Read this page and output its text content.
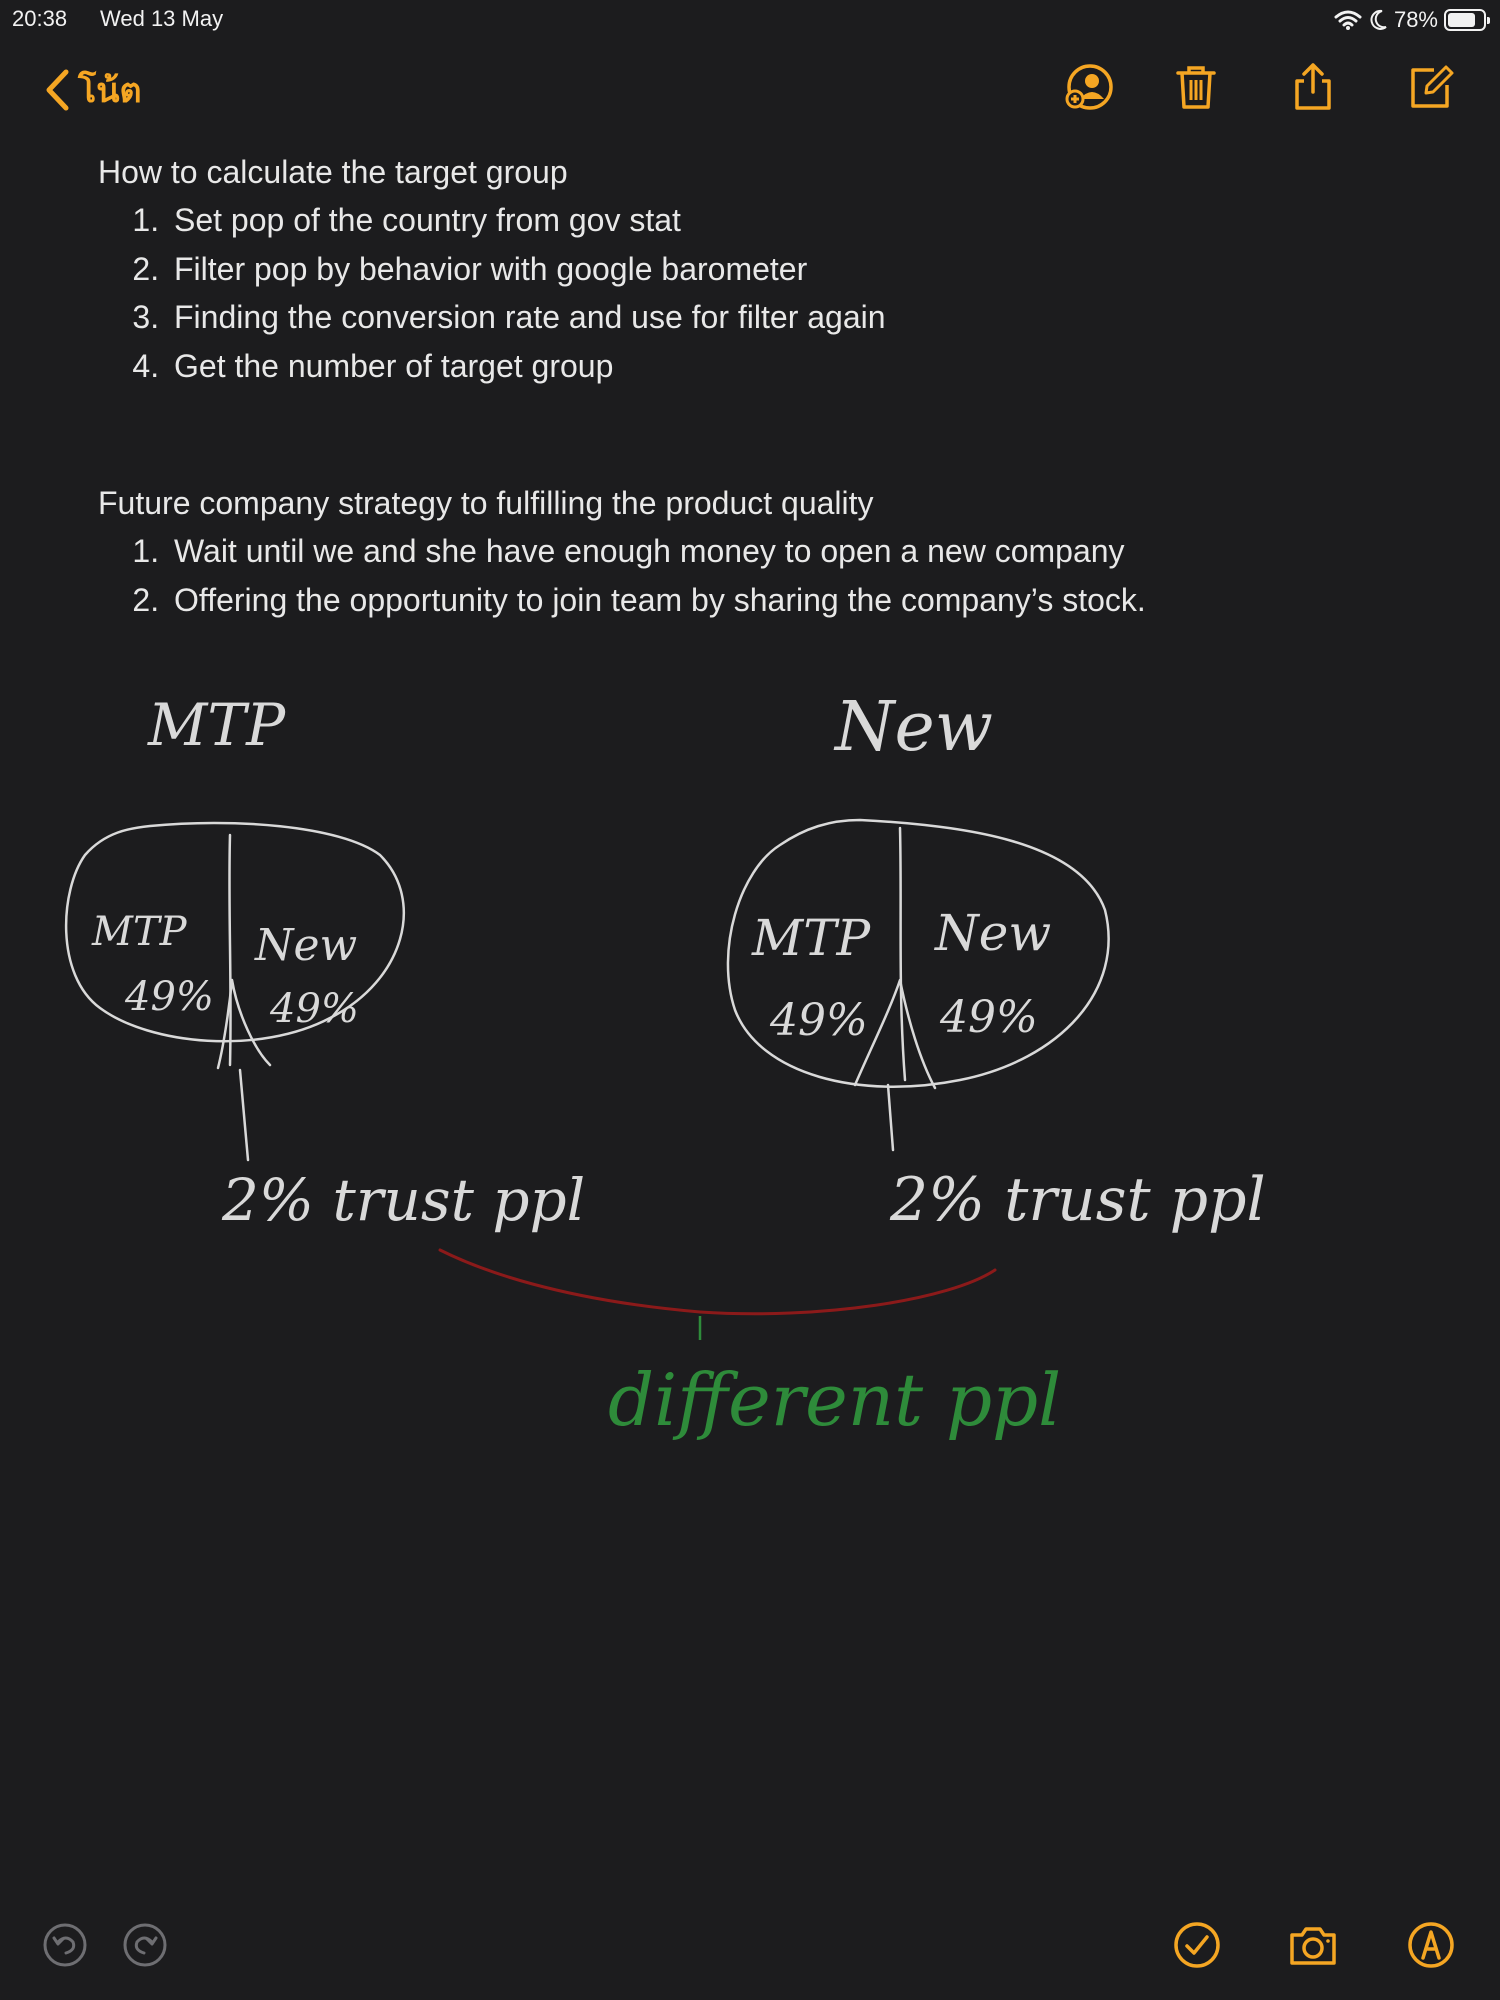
20:38 Wed 13 May	78%
โน้ต
How to calculate the target group
1. Set pop of the country from gov stat
2. Filter pop by behavior with google barometer
3. Finding the conversion rate and use for filter again
4. Get the number of target group
Future company strategy to fulfilling the product quality
1. Wait until we and she have enough money to open a new company
2. Offering the opportunity to join team by sharing the company’s stock.
MTP	New
MTP
49%
New
49%
MTP
49%
New
49%
2% trust ppl	2% trust ppl
different ppl
